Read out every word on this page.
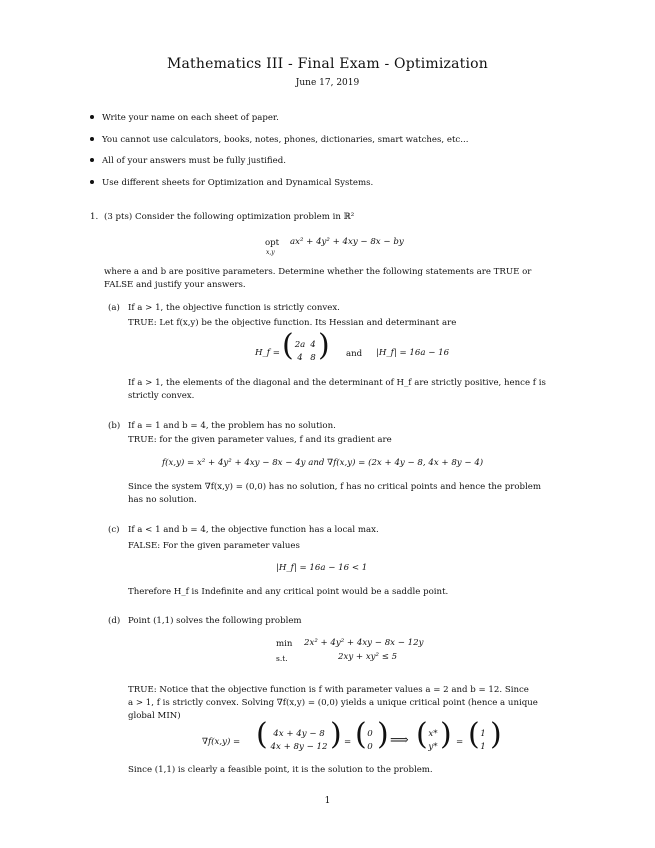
Mathematics III - Final Exam - Optimization
June 17, 2019
Write your name on each sheet of paper.
You cannot use calculators, books, notes, phones, dictionaries, smart watches, etc...
All of your answers must be fully justified.
Use different sheets for Optimization and Dynamical Systems.
1. (3 pts) Consider the following optimization problem in ℝ²
opt
x,y
ax² + 4y² + 4xy − 8x − by
where a and b are positive parameters. Determine whether the following statements are TRUE or
FALSE and justify your answers.
(a) If a > 1, the objective function is strictly convex.
TRUE: Let f(x,y) be the objective function. Its Hessian and determinant are
H_f = ( 2a 4
4 8 ) and |H_f| = 16a − 16
If a > 1, the elements of the diagonal and the determinant of H_f are strictly positive, hence f is
strictly convex.
(b) If a = 1 and b = 4, the problem has no solution.
TRUE: for the given parameter values, f and its gradient are
f(x,y) = x² + 4y² + 4xy − 8x − 4y and ∇f(x,y) = (2x + 4y − 8, 4x + 8y − 4)
Since the system ∇f(x,y) = (0,0) has no solution, f has no critical points and hence the problem
has no solution.
(c) If a < 1 and b = 4, the objective function has a local max.
FALSE: For the given parameter values
|H_f| = 16a − 16 < 1
Therefore H_f is Indefinite and any critical point would be a saddle point.
(d) Point (1,1) solves the following problem
min 2x² + 4y² + 4xy − 8x − 12y
s.t.	2xy + xy² ≤ 5
TRUE: Notice that the objective function is f with parameter values a = 2 and b = 12. Since
a > 1, f is strictly convex. Solving ∇f(x,y) = (0,0) yields a unique critical point (hence a unique
global MIN)
∇f(x,y) = ( 4x + 4y − 8
4x + 8y − 12 ) = ( 0
0 ) ⟹ ( x*
y* ) = ( 1
1 )
Since (1,1) is clearly a feasible point, it is the solution to the problem.
1
